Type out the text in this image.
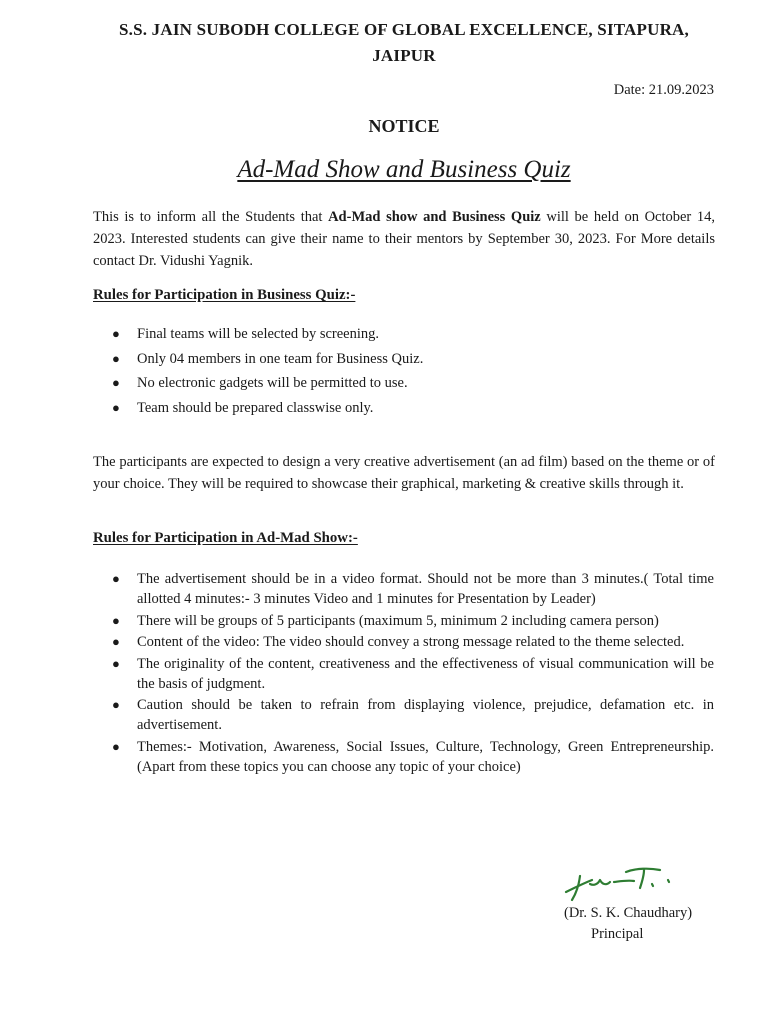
S.S. JAIN SUBODH COLLEGE OF GLOBAL EXCELLENCE, SITAPURA,
JAIPUR
Date: 21.09.2023
NOTICE
Ad-Mad Show and Business Quiz

This is to inform all the Students that Ad-Mad show and Business Quiz will be held on October 14, 2023. Interested students can give their name to their mentors by September 30, 2023. For More details contact Dr. Vidushi Yagnik.

Rules for Participation in Business Quiz:-
● Final teams will be selected by screening.
● Only 04 members in one team for Business Quiz.
● No electronic gadgets will be permitted to use.
● Team should be prepared classwise only.

The participants are expected to design a very creative advertisement (an ad film) based on the theme or of your choice. They will be required to showcase their graphical, marketing & creative skills through it.

Rules for Participation in Ad-Mad Show:-
● The advertisement should be in a video format. Should not be more than 3 minutes.( Total time allotted 4 minutes:- 3 minutes Video and 1 minutes for Presentation by Leader)
● There will be groups of 5 participants (maximum 5, minimum 2 including camera person)
● Content of the video: The video should convey a strong message related to the theme selected.
● The originality of the content, creativeness and the effectiveness of visual communication will be the basis of judgment.
● Caution should be taken to refrain from displaying violence, prejudice, defamation etc. in advertisement.
● Themes:- Motivation, Awareness, Social Issues, Culture, Technology, Green Entrepreneurship. (Apart from these topics you can choose any topic of your choice)
(Dr. S. K. Chaudhary)
Principal
